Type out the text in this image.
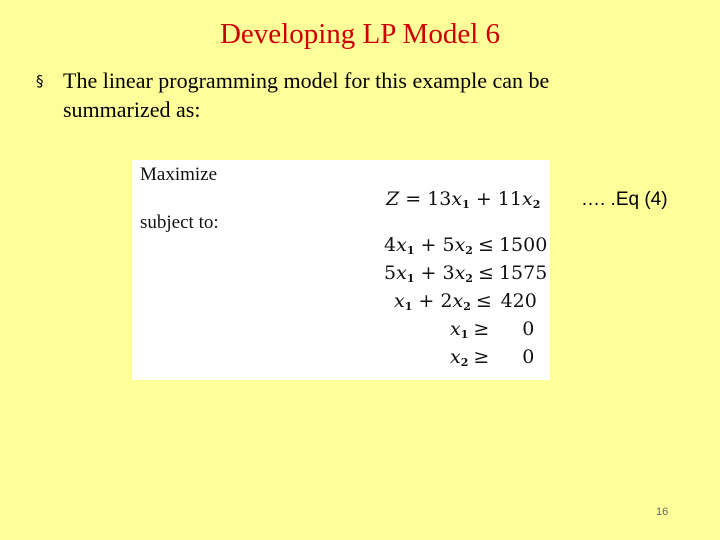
Developing LP Model 6
§ The linear programming model for this example can be
summarized as:
Maximize
subject to:
$Z = 13x_1 + 11x_2$
$4x_1 + 5x_2 \le 1500$
$5x_1 + 3x_2 \le 1575$
$x_1 + 2x_2 \le 420$
$x_1 \ge 0$
$x_2 \ge 0$
…. .Eq (4)
16
